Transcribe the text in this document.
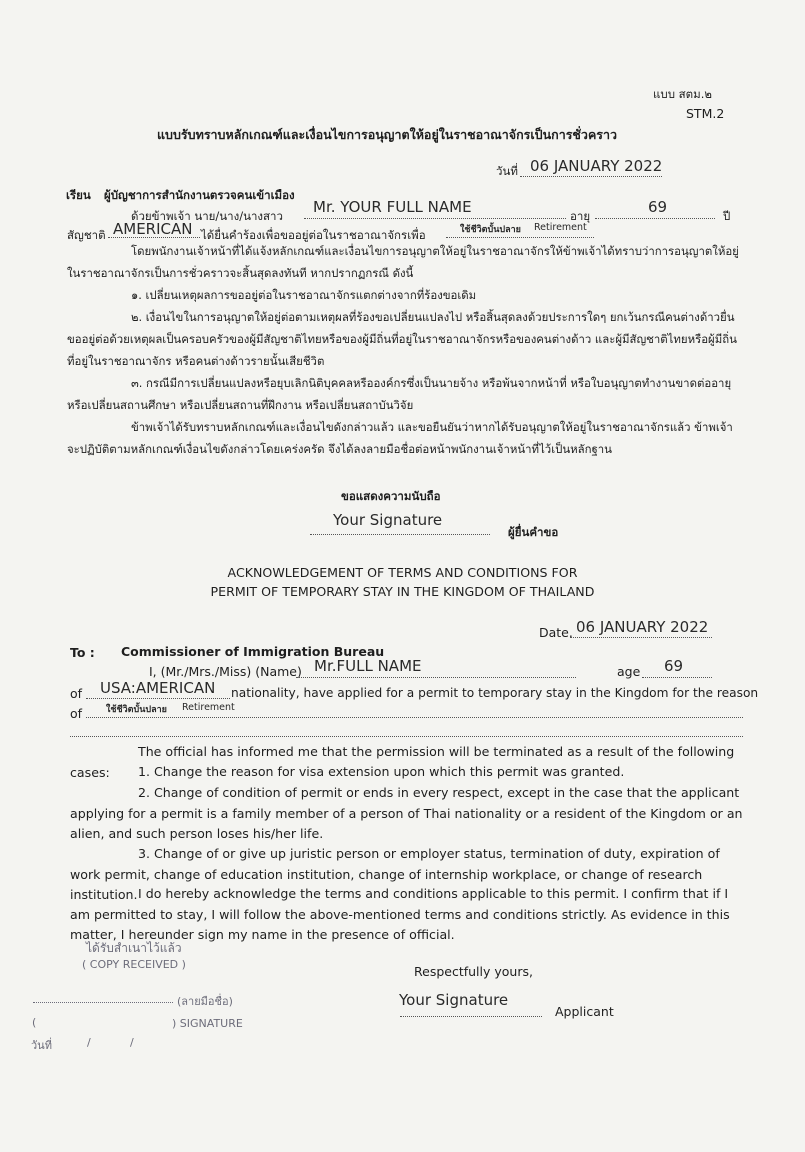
แบบ สตม.๒
STM.2
แบบรับทราบหลักเกณฑ์และเงื่อนไขการอนุญาตให้อยู่ในราชอาณาจักรเป็นการชั่วคราว
วันที่ 06 JANUARY 2022
เรียน ผู้บัญชาการสำนักงานตรวจคนเข้าเมือง
ด้วยข้าพเจ้า นาย/นาง/นางสาว Mr. YOUR FULL NAME	อายุ	69	ปี
สัญชาติ AMERICAN ได้ยื่นคำร้องเพื่อขออยู่ต่อในราชอาณาจักรเพื่อ	ใช้ชีวิตบั้นปลาย Retirement
โดยพนักงานเจ้าหน้าที่ได้แจ้งหลักเกณฑ์และเงื่อนไขการอนุญาตให้อยู่ในราชอาณาจักรให้ข้าพเจ้าได้ทราบว่าการอนุญาตให้อยู่ในราชอาณาจักรเป็นการชั่วคราวจะสิ้นสุดลงทันที หากปรากฏกรณี ดังนี้
๑. เปลี่ยนเหตุผลการขออยู่ต่อในราชอาณาจักรแตกต่างจากที่ร้องขอเดิม
๒. เงื่อนไขในการอนุญาตให้อยู่ต่อตามเหตุผลที่ร้องขอเปลี่ยนแปลงไป หรือสิ้นสุดลงด้วยประการใดๆ ยกเว้นกรณีคนต่างด้าวยื่นขออยู่ต่อด้วยเหตุผลเป็นครอบครัวของผู้มีสัญชาติไทยหรือของผู้มีถิ่นที่อยู่ในราชอาณาจักรหรือของคนต่างด้าว และผู้มีสัญชาติไทยหรือผู้มีถิ่นที่อยู่ในราชอาณาจักร หรือคนต่างด้าวรายนั้นเสียชีวิต
๓. กรณีมีการเปลี่ยนแปลงหรือยุบเลิกนิติบุคคลหรือองค์กรซึ่งเป็นนายจ้าง หรือพ้นจากหน้าที่ หรือใบอนุญาตทำงานขาดต่ออายุ หรือเปลี่ยนสถานศึกษา หรือเปลี่ยนสถานที่ฝึกงาน หรือเปลี่ยนสถาบันวิจัย
ข้าพเจ้าได้รับทราบหลักเกณฑ์และเงื่อนไขดังกล่าวแล้ว และขอยืนยันว่าหากได้รับอนุญาตให้อยู่ในราชอาณาจักรแล้ว ข้าพเจ้าจะปฏิบัติตามหลักเกณฑ์เงื่อนไขดังกล่าวโดยเคร่งครัด จึงได้ลงลายมือชื่อต่อหน้าพนักงานเจ้าหน้าที่ไว้เป็นหลักฐาน
ขอแสดงความนับถือ
Your Signature
ผู้ยื่นคำขอ
ACKNOWLEDGEMENT OF TERMS AND CONDITIONS FOR
PERMIT OF TEMPORARY STAY IN THE KINGDOM OF THAILAND
Date. 06 JANUARY 2022
To : Commissioner of Immigration Bureau
I, (Mr./Mrs./Miss) (Name) Mr.FULL NAME	age 69
of USA:AMERICAN nationality, have applied for a permit to temporary stay in the Kingdom for the reason
of	ใช้ชีวิตบั้นปลาย Retirement
The official has informed me that the permission will be terminated as a result of the following cases:	1. Change the reason for visa extension upon which this permit was granted.
2. Change of condition of permit or ends in every respect, except in the case that the applicant applying for a permit is a family member of a person of Thai nationality or a resident of the Kingdom or an alien, and such person loses his/her life.
3. Change of or give up juristic person or employer status, termination of duty, expiration of work permit, change of education institution, change of internship workplace, or change of research institution. I do hereby acknowledge the terms and conditions applicable to this permit. I confirm that if I am permitted to stay, I will follow the above-mentioned terms and conditions strictly. As evidence in this matter, I hereunder sign my name in the presence of official.
ได้รับสำเนาไว้แล้ว
( COPY RECEIVED )
(ลายมือชื่อ)
(	) SIGNATURE
วันที่	/	/
Respectfully yours,
Your Signature
Applicant
